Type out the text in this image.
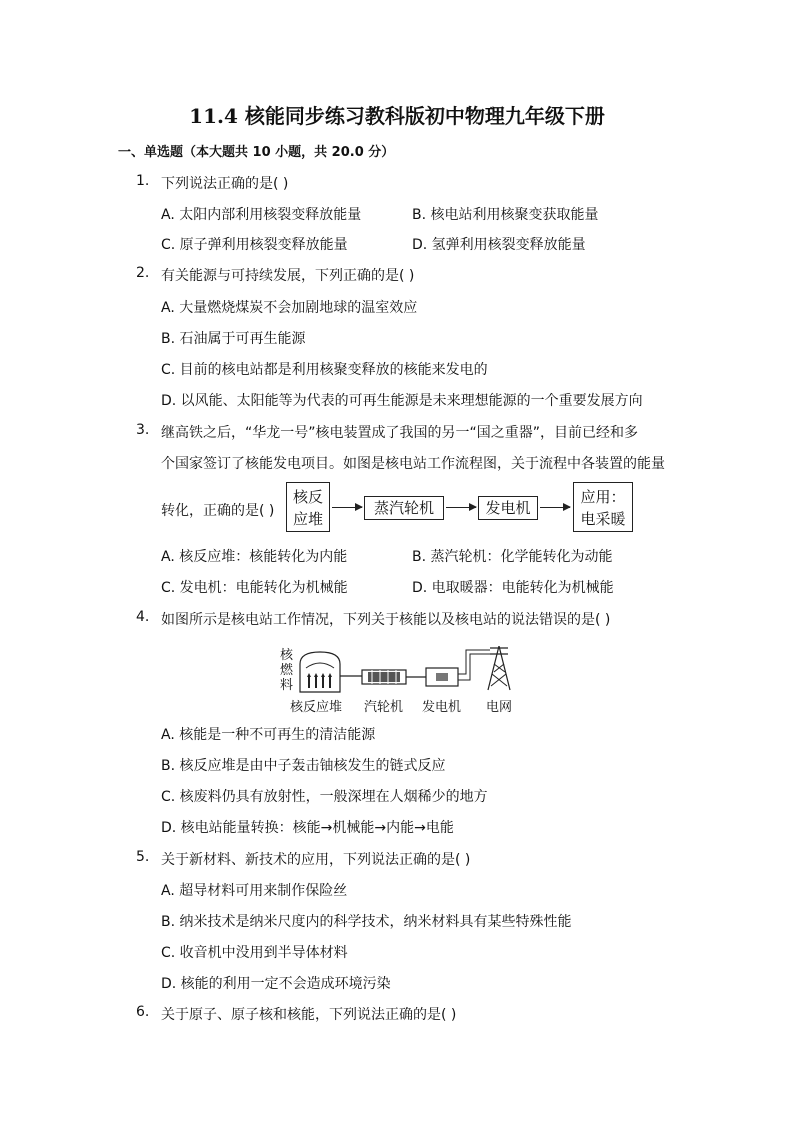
11.4 核能同步练习教科版初中物理九年级下册
一、单选题（本大题共 10 小题，共 20.0 分）
1. 下列说法正确的是( )
A. 太阳内部利用核裂变释放能量	B. 核电站利用核聚变获取能量
C. 原子弹利用核裂变释放能量	D. 氢弹利用核裂变释放能量
2. 有关能源与可持续发展，下列正确的是( )
A. 大量燃烧煤炭不会加剧地球的温室效应
B. 石油属于可再生能源
C. 目前的核电站都是利用核聚变释放的核能来发电的
D. 以风能、太阳能等为代表的可再生能源是未来理想能源的一个重要发展方向
3. 继高铁之后，“华龙一号”核电装置成了我国的另一“国之重器”，目前已经和多
个国家签订了核能发电项目。如图是核电站工作流程图，关于流程中各装置的能量
转化，正确的是( )
核反
应堆
蒸汽轮机	发电机
应用：
电采暖
A. 核反应堆：核能转化为内能	B. 蒸汽轮机：化学能转化为动能
C. 发电机：电能转化为机械能	D. 电取暖器：电能转化为机械能
4. 如图所示是核电站工作情况，下列关于核能以及核电站的说法错误的是( )
核燃料
核反应堆 汽轮机 发电机 电网
A. 核能是一种不可再生的清洁能源
B. 核反应堆是由中子轰击铀核发生的链式反应
C. 核废料仍具有放射性，一般深埋在人烟稀少的地方
D. 核电站能量转换：核能→机械能→内能→电能
5. 关于新材料、新技术的应用，下列说法正确的是( )
A. 超导材料可用来制作保险丝
B. 纳米技术是纳米尺度内的科学技术，纳米材料具有某些特殊性能
C. 收音机中没用到半导体材料
D. 核能的利用一定不会造成环境污染
6. 关于原子、原子核和核能，下列说法正确的是( )
